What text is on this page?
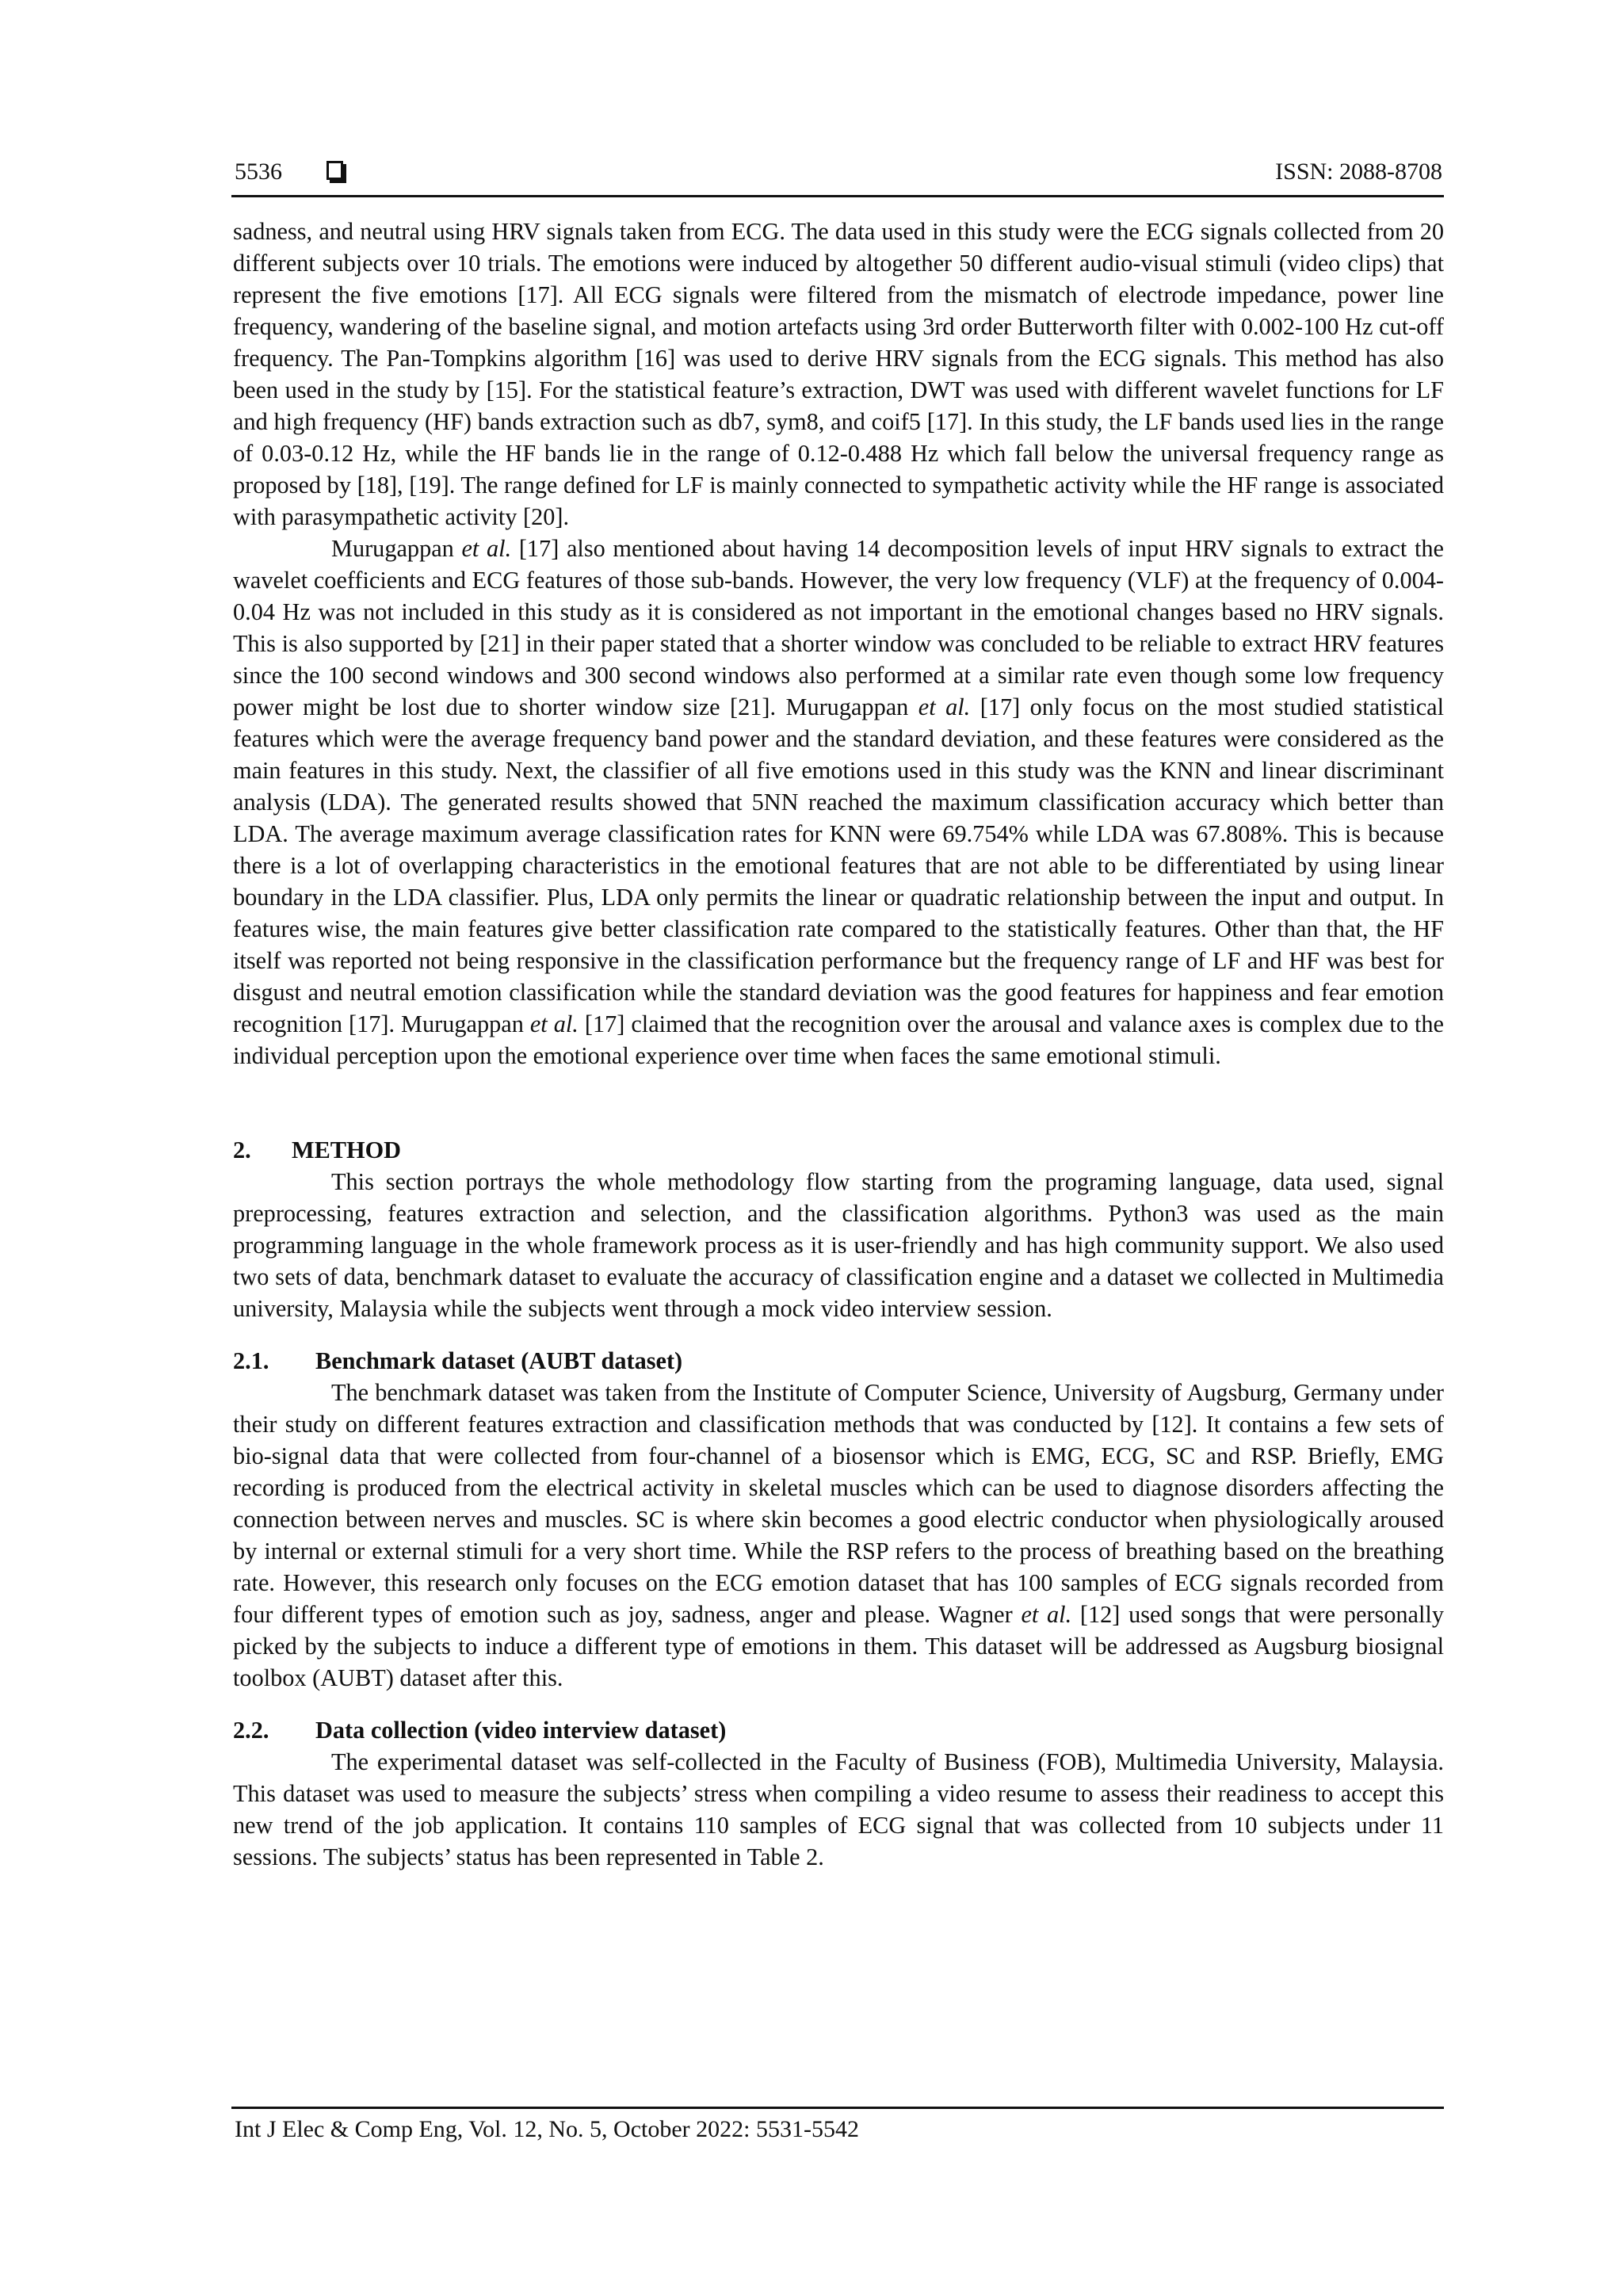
5536	ISSN: 2088-8708

sadness, and neutral using HRV signals taken from ECG. The data used in this study were the ECG signals collected from 20 different subjects over 10 trials. The emotions were induced by altogether 50 different audio-visual stimuli (video clips) that represent the five emotions [17]. All ECG signals were filtered from the mismatch of electrode impedance, power line frequency, wandering of the baseline signal, and motion artefacts using 3rd order Butterworth filter with 0.002-100 Hz cut-off frequency. The Pan-Tompkins algorithm [16] was used to derive HRV signals from the ECG signals. This method has also been used in the study by [15]. For the statistical feature’s extraction, DWT was used with different wavelet functions for LF and high frequency (HF) bands extraction such as db7, sym8, and coif5 [17]. In this study, the LF bands used lies in the range of 0.03-0.12 Hz, while the HF bands lie in the range of 0.12-0.488 Hz which fall below the universal frequency range as proposed by [18], [19]. The range defined for LF is mainly connected to sympathetic activity while the HF range is associated with parasympathetic activity [20].

Murugappan et al. [17] also mentioned about having 14 decomposition levels of input HRV signals to extract the wavelet coefficients and ECG features of those sub-bands. However, the very low frequency (VLF) at the frequency of 0.004-0.04 Hz was not included in this study as it is considered as not important in the emotional changes based no HRV signals. This is also supported by [21] in their paper stated that a shorter window was concluded to be reliable to extract HRV features since the 100 second windows and 300 second windows also performed at a similar rate even though some low frequency power might be lost due to shorter window size [21]. Murugappan et al. [17] only focus on the most studied statistical features which were the average frequency band power and the standard deviation, and these features were considered as the main features in this study. Next, the classifier of all five emotions used in this study was the KNN and linear discriminant analysis (LDA). The generated results showed that 5NN reached the maximum classification accuracy which better than LDA. The average maximum average classification rates for KNN were 69.754% while LDA was 67.808%. This is because there is a lot of overlapping characteristics in the emotional features that are not able to be differentiated by using linear boundary in the LDA classifier. Plus, LDA only permits the linear or quadratic relationship between the input and output. In features wise, the main features give better classification rate compared to the statistically features. Other than that, the HF itself was reported not being responsive in the classification performance but the frequency range of LF and HF was best for disgust and neutral emotion classification while the standard deviation was the good features for happiness and fear emotion recognition [17]. Murugappan et al. [17] claimed that the recognition over the arousal and valance axes is complex due to the individual perception upon the emotional experience over time when faces the same emotional stimuli.

2. METHOD

This section portrays the whole methodology flow starting from the programing language, data used, signal preprocessing, features extraction and selection, and the classification algorithms. Python3 was used as the main programming language in the whole framework process as it is user-friendly and has high community support. We also used two sets of data, benchmark dataset to evaluate the accuracy of classification engine and a dataset we collected in Multimedia university, Malaysia while the subjects went through a mock video interview session.

2.1. Benchmark dataset (AUBT dataset)

The benchmark dataset was taken from the Institute of Computer Science, University of Augsburg, Germany under their study on different features extraction and classification methods that was conducted by [12]. It contains a few sets of bio-signal data that were collected from four-channel of a biosensor which is EMG, ECG, SC and RSP. Briefly, EMG recording is produced from the electrical activity in skeletal muscles which can be used to diagnose disorders affecting the connection between nerves and muscles. SC is where skin becomes a good electric conductor when physiologically aroused by internal or external stimuli for a very short time. While the RSP refers to the process of breathing based on the breathing rate. However, this research only focuses on the ECG emotion dataset that has 100 samples of ECG signals recorded from four different types of emotion such as joy, sadness, anger and please. Wagner et al. [12] used songs that were personally picked by the subjects to induce a different type of emotions in them. This dataset will be addressed as Augsburg biosignal toolbox (AUBT) dataset after this.

2.2. Data collection (video interview dataset)

The experimental dataset was self-collected in the Faculty of Business (FOB), Multimedia University, Malaysia. This dataset was used to measure the subjects’ stress when compiling a video resume to assess their readiness to accept this new trend of the job application. It contains 110 samples of ECG signal that was collected from 10 subjects under 11 sessions. The subjects’ status has been represented in Table 2.

Int J Elec & Comp Eng, Vol. 12, No. 5, October 2022: 5531-5542
